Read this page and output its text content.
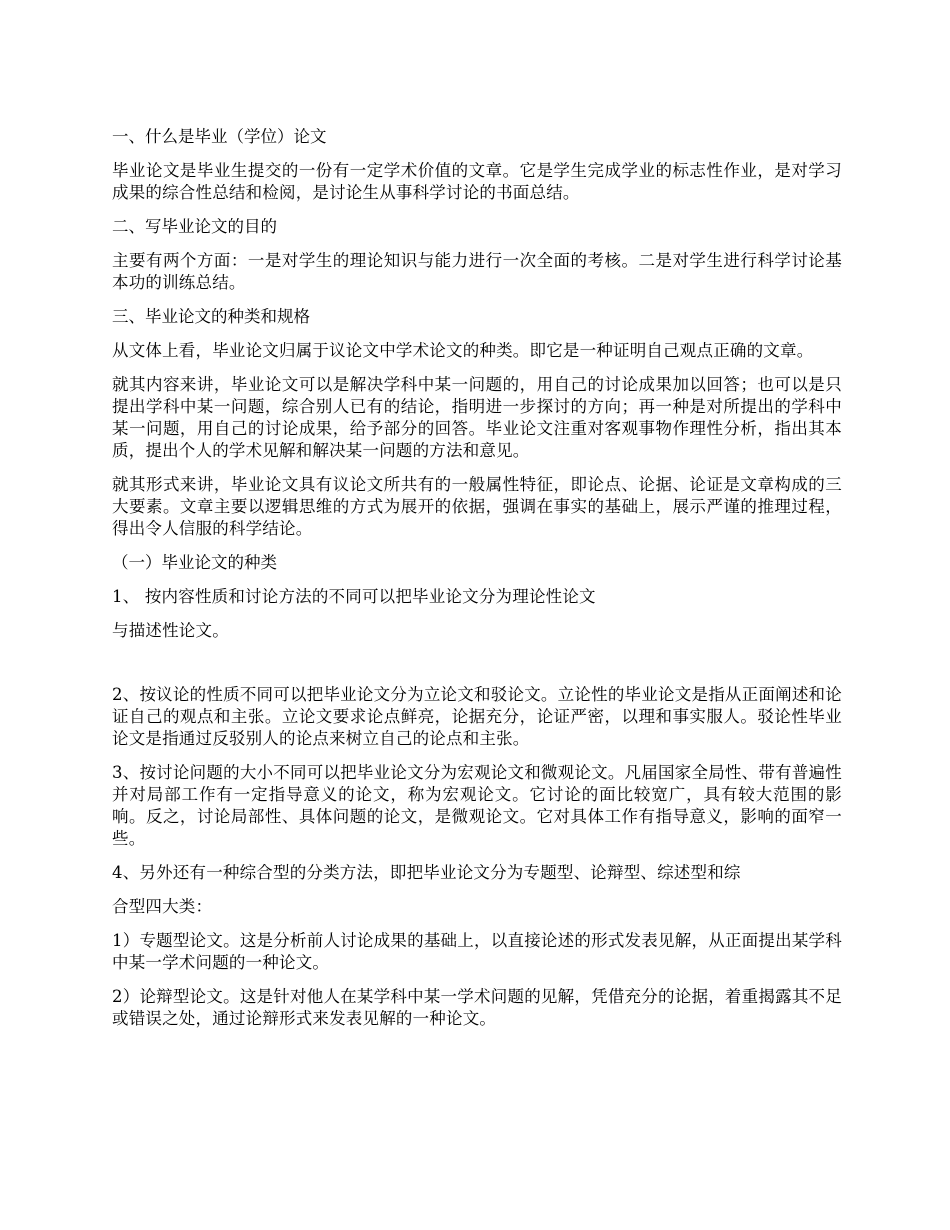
一、什么是毕业（学位）论文
毕业论文是毕业生提交的一份有一定学术价值的文章。它是学生完成学业的标志性作业，是对学习成果的综合性总结和检阅，是讨论生从事科学讨论的书面总结。
二、写毕业论文的目的
主要有两个方面：一是对学生的理论知识与能力进行一次全面的考核。二是对学生进行科学讨论基本功的训练总结。
三、毕业论文的种类和规格
从文体上看，毕业论文归属于议论文中学术论文的种类。即它是一种证明自己观点正确的文章。
就其内容来讲，毕业论文可以是解决学科中某一问题的，用自己的讨论成果加以回答；也可以是只提出学科中某一问题，综合别人已有的结论，指明进一步探讨的方向；再一种是对所提出的学科中某一问题，用自己的讨论成果，给予部分的回答。毕业论文注重对客观事物作理性分析，指出其本质，提出个人的学术见解和解决某一问题的方法和意见。
就其形式来讲，毕业论文具有议论文所共有的一般属性特征，即论点、论据、论证是文章构成的三大要素。文章主要以逻辑思维的方式为展开的依据，强调在事实的基础上，展示严谨的推理过程，得出令人信服的科学结论。
（一）毕业论文的种类
1、 按内容性质和讨论方法的不同可以把毕业论文分为理论性论文
与描述性论文。
2、按议论的性质不同可以把毕业论文分为立论文和驳论文。立论性的毕业论文是指从正面阐述和论证自己的观点和主张。立论文要求论点鲜亮，论据充分，论证严密，以理和事实服人。驳论性毕业论文是指通过反驳别人的论点来树立自己的论点和主张。
3、按讨论问题的大小不同可以把毕业论文分为宏观论文和微观论文。凡届国家全局性、带有普遍性并对局部工作有一定指导意义的论文，称为宏观论文。它讨论的面比较宽广，具有较大范围的影响。反之，讨论局部性、具体问题的论文，是微观论文。它对具体工作有指导意义，影响的面窄一些。
4、另外还有一种综合型的分类方法，即把毕业论文分为专题型、论辩型、综述型和综
合型四大类：
1）专题型论文。这是分析前人讨论成果的基础上，以直接论述的形式发表见解，从正面提出某学科中某一学术问题的一种论文。
2）论辩型论文。这是针对他人在某学科中某一学术问题的见解，凭借充分的论据，着重揭露其不足或错误之处，通过论辩形式来发表见解的一种论文。
